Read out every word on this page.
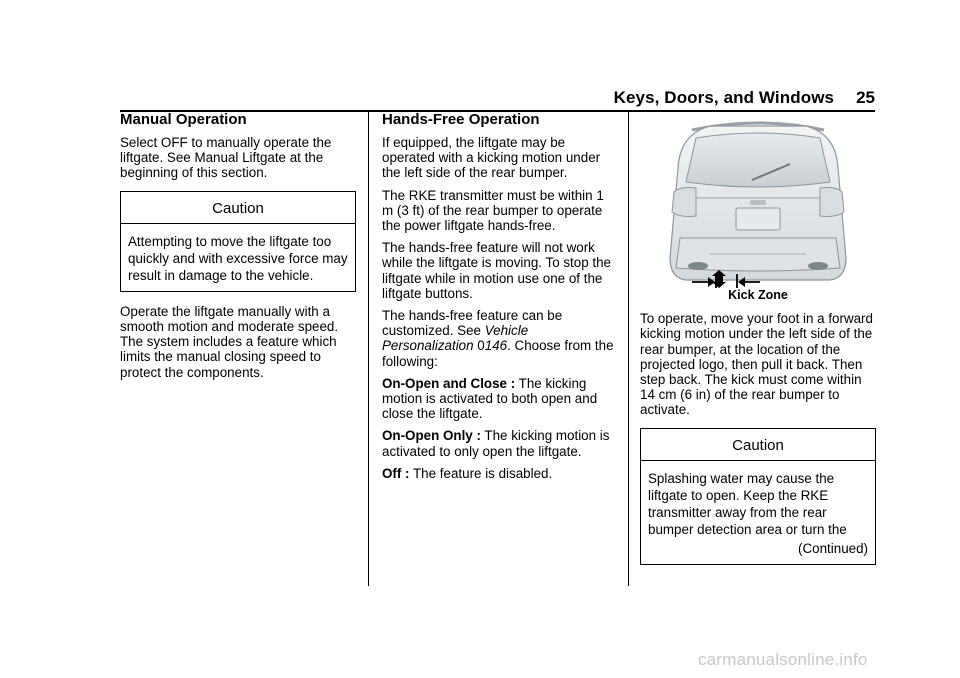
Keys, Doors, and Windows 25
Manual Operation

Select OFF to manually operate the liftgate. See Manual Liftgate at the beginning of this section.

Caution
Attempting to move the liftgate too quickly and with excessive force may result in damage to the vehicle.

Operate the liftgate manually with a smooth motion and moderate speed. The system includes a feature which limits the manual closing speed to protect the components.

Hands-Free Operation

If equipped, the liftgate may be operated with a kicking motion under the left side of the rear bumper.

The RKE transmitter must be within 1 m (3 ft) of the rear bumper to operate the power liftgate hands-free.

The hands-free feature will not work while the liftgate is moving. To stop the liftgate while in motion use one of the liftgate buttons.

The hands-free feature can be customized. See Vehicle Personalization 0146. Choose from the following:

On-Open and Close : The kicking motion is activated to both open and close the liftgate.

On-Open Only : The kicking motion is activated to only open the liftgate.

Off : The feature is disabled.

Kick Zone

To operate, move your foot in a forward kicking motion under the left side of the rear bumper, at the location of the projected logo, then pull it back. Then step back. The kick must come within 14 cm (6 in) of the rear bumper to activate.

Caution
Splashing water may cause the liftgate to open. Keep the RKE transmitter away from the rear bumper detection area or turn the
(Continued)
carmanualsonline.info
